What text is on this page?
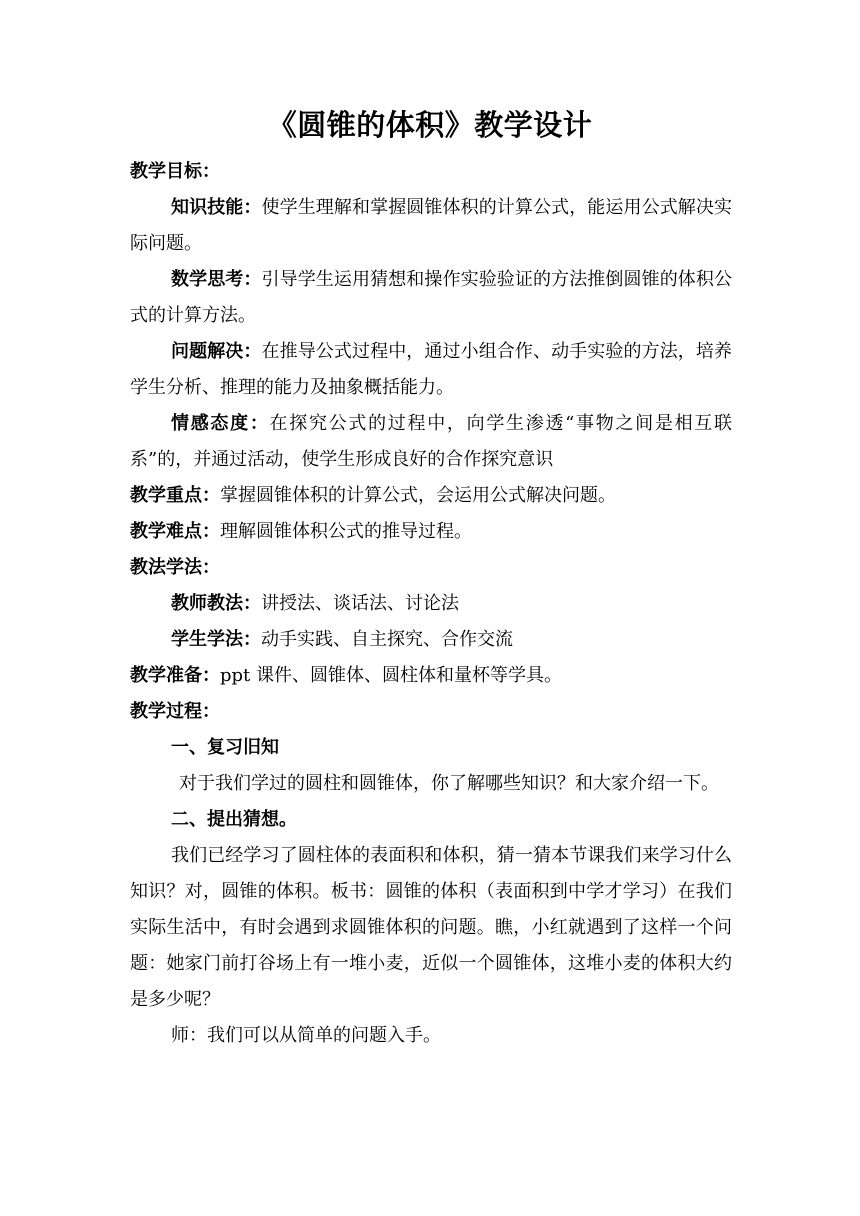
《圆锥的体积》教学设计

教学目标：

知识技能：使学生理解和掌握圆锥体积的计算公式，能运用公式解决实际问题。

数学思考：引导学生运用猜想和操作实验验证的方法推倒圆锥的体积公式的计算方法。

问题解决：在推导公式过程中，通过小组合作、动手实验的方法，培养学生分析、推理的能力及抽象概括能力。

情感态度：在探究公式的过程中，向学生渗透“事物之间是相互联系”的，并通过活动，使学生形成良好的合作探究意识

教学重点：掌握圆锥体积的计算公式，会运用公式解决问题。

教学难点：理解圆锥体积公式的推导过程。

教法学法：

教师教法：讲授法、谈话法、讨论法

学生学法：动手实践、自主探究、合作交流

教学准备：ppt 课件、圆锥体、圆柱体和量杯等学具。

教学过程：

一、复习旧知

对于我们学过的圆柱和圆锥体，你了解哪些知识？和大家介绍一下。

二、提出猜想。

我们已经学习了圆柱体的表面积和体积，猜一猜本节课我们来学习什么知识？对，圆锥的体积。板书：圆锥的体积（表面积到中学才学习）在我们实际生活中，有时会遇到求圆锥体积的问题。瞧，小红就遇到了这样一个问题：她家门前打谷场上有一堆小麦，近似一个圆锥体，这堆小麦的体积大约是多少呢？

师：我们可以从简单的问题入手。
